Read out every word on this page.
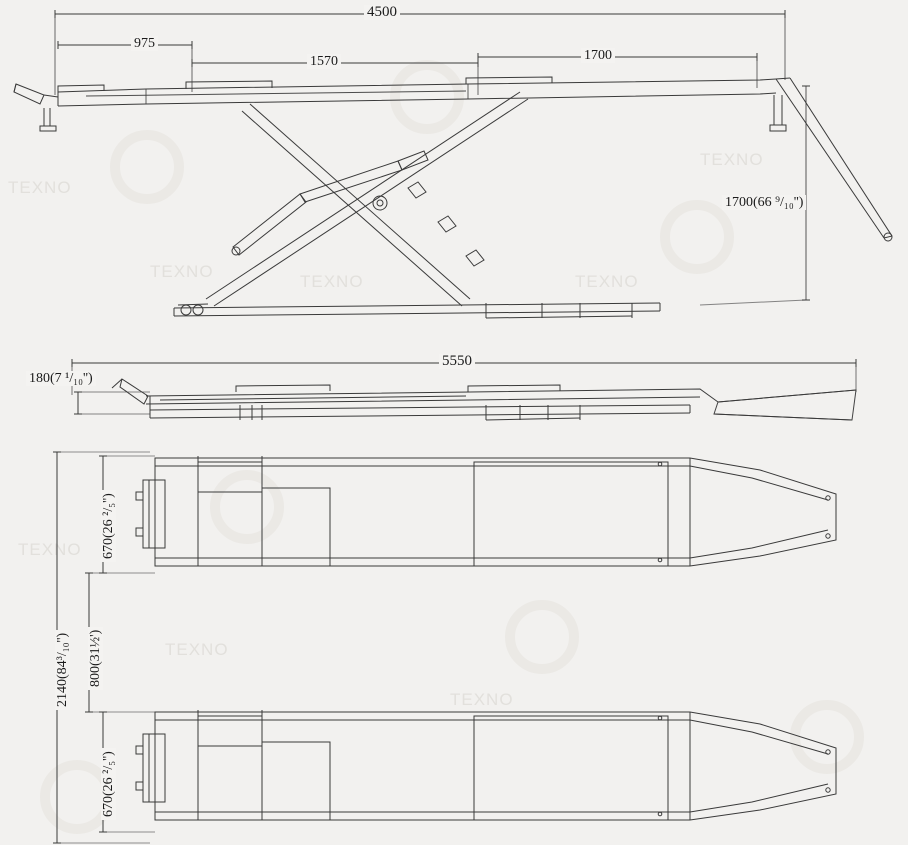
TEXNO
TEXNO
TEXNO	TEXNO
TEXNO
TEXNO
TEXNO
TEXNO
4500
975
1570	1700
1700(66 ⁹/₁₀'')
5550
180(7 ¹/₁₀'')
2140(84³/₁₀'')
670(26 ²/₅'')
800(31½')
670(26 ²/₅'')
